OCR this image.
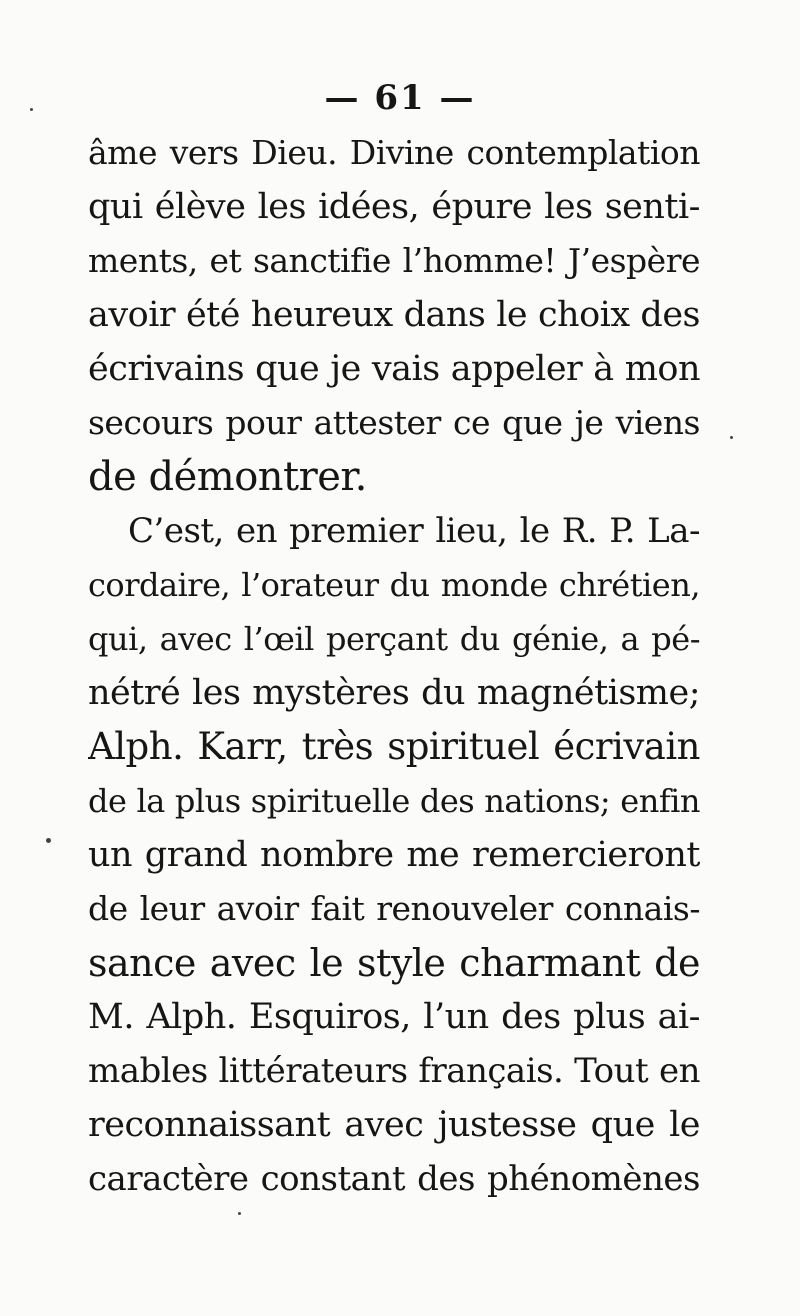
— 61 —
âme vers Dieu. Divine contemplation
qui élève les idées, épure les senti-
ments, et sanctifie l’homme! J’espère
avoir été heureux dans le choix des
écrivains que je vais appeler à mon
secours pour attester ce que je viens
de démontrer.
C’est, en premier lieu, le R. P. La-
cordaire, l’orateur du monde chrétien,
qui, avec l’œil perçant du génie, a pé-
nétré les mystères du magnétisme;
Alph. Karr, très spirituel écrivain
de la plus spirituelle des nations; enfin
un grand nombre me remercieront
de leur avoir fait renouveler connais-
sance avec le style charmant de
M. Alph. Esquiros, l’un des plus ai-
mables littérateurs français. Tout en
reconnaissant avec justesse que le
caractère constant des phénomènes
